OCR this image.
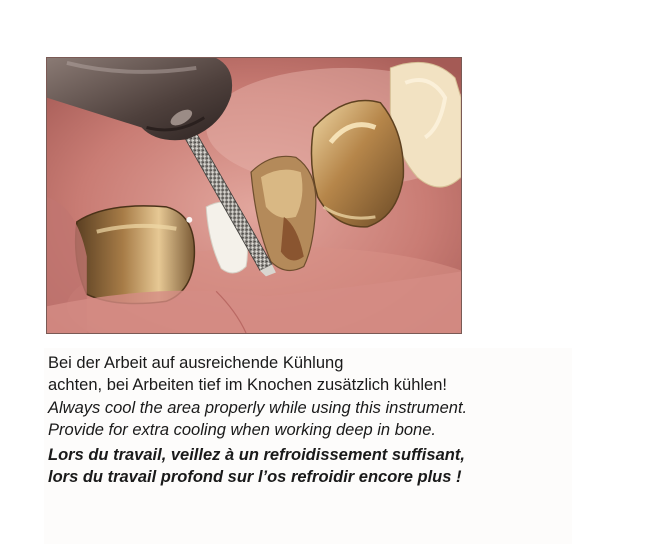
Bei der Arbeit auf ausreichende Kühlung
achten, bei Arbeiten tief im Knochen zusätzlich kühlen!
Always cool the area properly while using this instrument.
Provide for extra cooling when working deep in bone.
Lors du travail, veillez à un refroidissement suffisant,
lors du travail profond sur l’os refroidir encore plus !
